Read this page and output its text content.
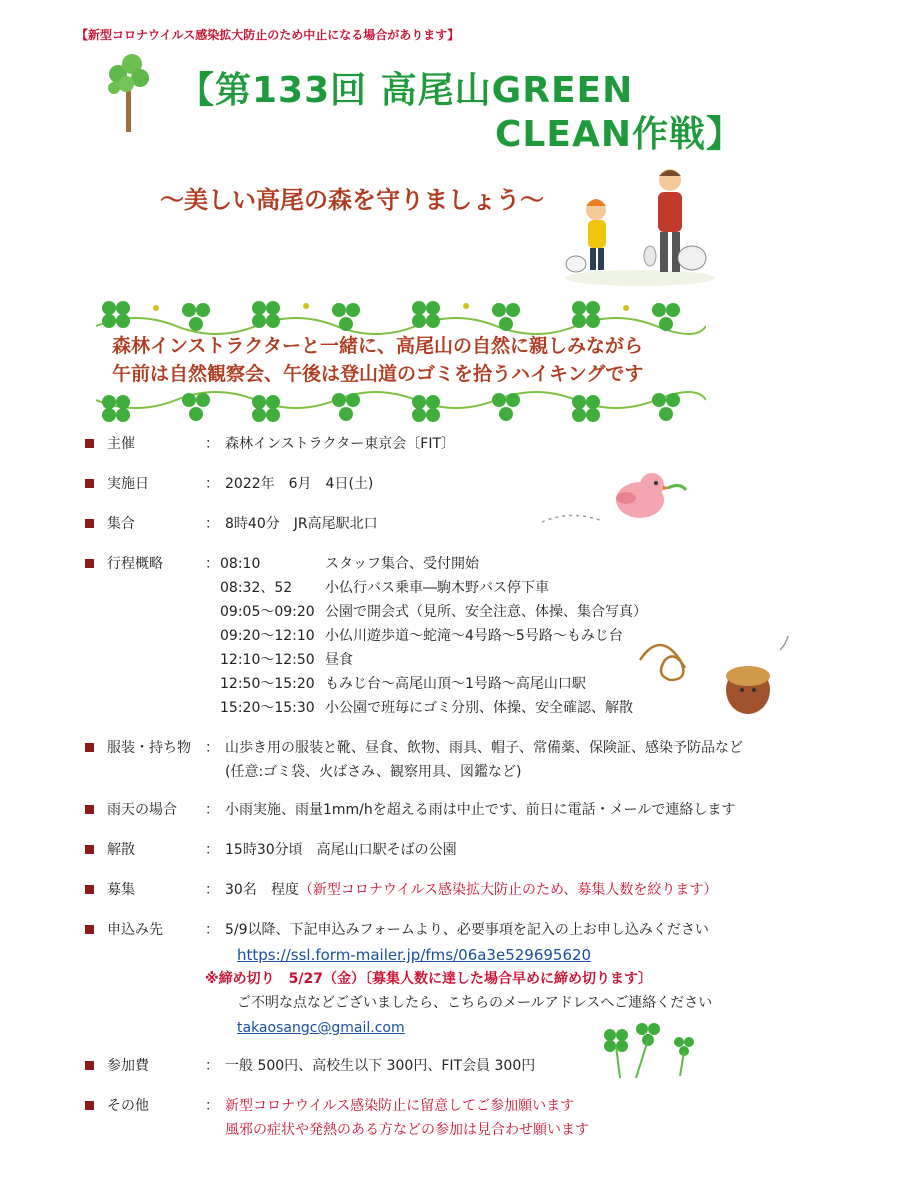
【新型コロナウイルス感染拡大防止のため中止になる場合があります】
【第133回 高尾山GREEN
CLEAN作戦】
～美しい高尾の森を守りましょう～
森林インストラクターと一緒に、高尾山の自然に親しみながら
午前は自然観察会、午後は登山道のゴミを拾うハイキングです
主催	： 森林インストラクター東京会〔FIT〕
実施日	： 2022年　6月　4日(土)
集合	： 8時40分　JR高尾駅北口
行程概略	： 08:10	スタッフ集合、受付開始
08:32、52 小仏行バス乗車―駒木野バス停下車
09:05～09:20 公園で開会式（見所、安全注意、体操、集合写真）
09:20～12:10 小仏川遊歩道～蛇滝～4号路～5号路～もみじ台
12:10～12:50 昼食
12:50～15:20 もみじ台～高尾山頂～1号路～高尾山口駅
15:20～15:30 小公園で班毎にゴミ分別、体操、安全確認、解散
服装・持ち物 ： 山歩き用の服装と靴、昼食、飲物、雨具、帽子、常備薬、保険証、感染予防品など
(任意:ゴミ袋、火ばさみ、観察用具、図鑑など)
雨天の場合 ： 小雨実施、雨量1mm/hを超える雨は中止です、前日に電話・メールで連絡します
解散	： 15時30分頃　高尾山口駅そばの公園
募集	： 30名　程度（新型コロナウイルス感染拡大防止のため、募集人数を絞ります）
申込み先	： 5/9以降、下記申込みフォームより、必要事項を記入の上お申し込みください
https://ssl.form-mailer.jp/fms/06a3e529695620
※締め切り　5/27（金）〔募集人数に達した場合早めに締め切ります〕
ご不明な点などございましたら、こちらのメールアドレスへご連絡ください
takaosangc@gmail.com
参加費	： 一般 500円、高校生以下 300円、FIT会員 300円
その他	： 新型コロナウイルス感染防止に留意してご参加願います
風邪の症状や発熱のある方などの参加は見合わせ願います
